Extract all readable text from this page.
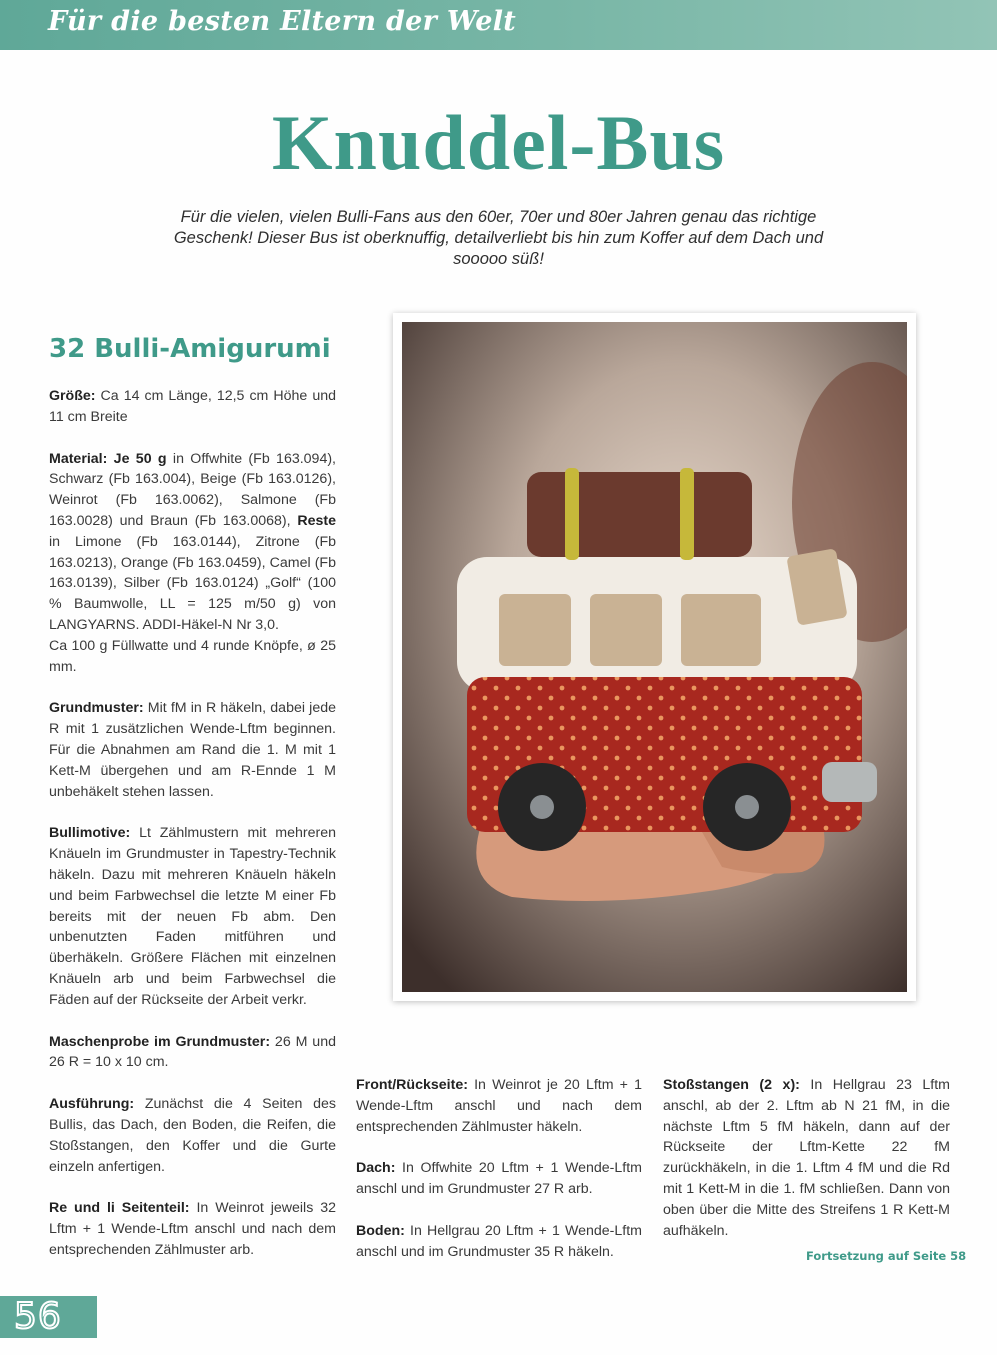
Für die besten Eltern der Welt
Knuddel-Bus
Für die vielen, vielen Bulli-Fans aus den 60er, 70er und 80er Jahren genau das richtige Geschenk! Dieser Bus ist oberknuffig, detailverliebt bis hin zum Koffer auf dem Dach und sooooo süß!
32 Bulli-Amigurumi

Größe: Ca 14 cm Länge, 12,5 cm Höhe und 11 cm Breite

Material: Je 50 g in Offwhite (Fb 163.094), Schwarz (Fb 163.004), Beige (Fb 163.0126), Weinrot (Fb 163.0062), Salmone (Fb 163.0028) und Braun (Fb 163.0068), Reste in Limone (Fb 163.0144), Zitrone (Fb 163.0213), Orange (Fb 163.0459), Camel (Fb 163.0139), Silber (Fb 163.0124) „Golf“ (100 % Baumwolle, LL = 125 m/50 g) von LANGYARNS. ADDI-Häkel-N Nr 3,0.

Ca 100 g Füllwatte und 4 runde Knöpfe, ø 25 mm.

Grundmuster: Mit fM in R häkeln, dabei jede R mit 1 zusätzlichen Wende-Lftm beginnen. Für die Abnahmen am Rand die 1. M mit 1 Kett-M übergehen und am R-Ennde 1 M unbehäkelt stehen lassen.

Bullimotive: Lt Zählmustern mit mehreren Knäueln im Grundmuster in Tapestry-Technik häkeln. Dazu mit mehreren Knäueln häkeln und beim Farbwechsel die letzte M einer Fb bereits mit der neuen Fb abm. Den unbenutzten Faden mitführen und überhäkeln. Größere Flächen mit einzelnen Knäueln arb und beim Farbwechsel die Fäden auf der Rückseite der Arbeit verkr.

Maschenprobe im Grundmuster: 26 M und 26 R = 10 x 10 cm.

Ausführung: Zunächst die 4 Seiten des Bullis, das Dach, den Boden, die Reifen, die Stoßstangen, den Koffer und die Gurte einzeln anfertigen.

Re und li Seitenteil: In Weinrot jeweils 32 Lftm + 1 Wende-Lftm anschl und nach dem entsprechenden Zählmuster arb.

Front/Rückseite: In Weinrot je 20 Lftm + 1 Wende-Lftm anschl und nach dem entsprechenden Zählmuster häkeln.

Dach: In Offwhite 20 Lftm + 1 Wende-Lftm anschl und im Grundmuster 27 R arb.

Boden: In Hellgrau 20 Lftm + 1 Wende-Lftm anschl und im Grundmuster 35 R häkeln.

Stoßstangen (2 x): In Hellgrau 23 Lftm anschl, ab der 2. Lftm ab N 21 fM, in die nächste Lftm 5 fM häkeln, dann auf der Rückseite der Lftm-Kette 22 fM zurückhäkeln, in die 1. Lftm 4 fM und die Rd mit 1 Kett-M in die 1. fM schließen. Dann von oben über die Mitte des Streifens 1 R Kett-M aufhäkeln.

Fortsetzung auf Seite 58
56
